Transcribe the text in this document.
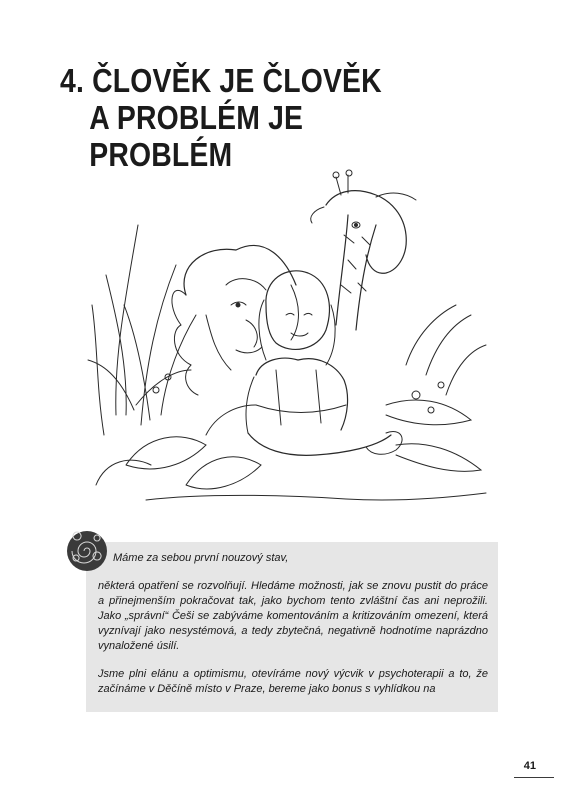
4. ČLOVĚK JE ČLOVĚK
A PROBLÉM JE PROBLÉM

Máme za sebou první nouzový stav,

některá opatření se rozvolňují. Hledáme možnosti, jak se znovu pustit do práce a přinejmenším pokračovat tak, jako bychom tento zvláštní čas ani neprožili. Jako „správní“ Češi se zabýváme komentováním a kritizováním omezení, která vyznívají jako nesystémová, a tedy zbytečná, negativně hodnotíme naprázdno vynaložené úsilí.

Jsme plni elánu a optimismu, otevíráme nový výcvik v psychoterapii a to, že začínáme v Děčíně místo v Praze, bereme jako bonus s vyhlídkou na

41
